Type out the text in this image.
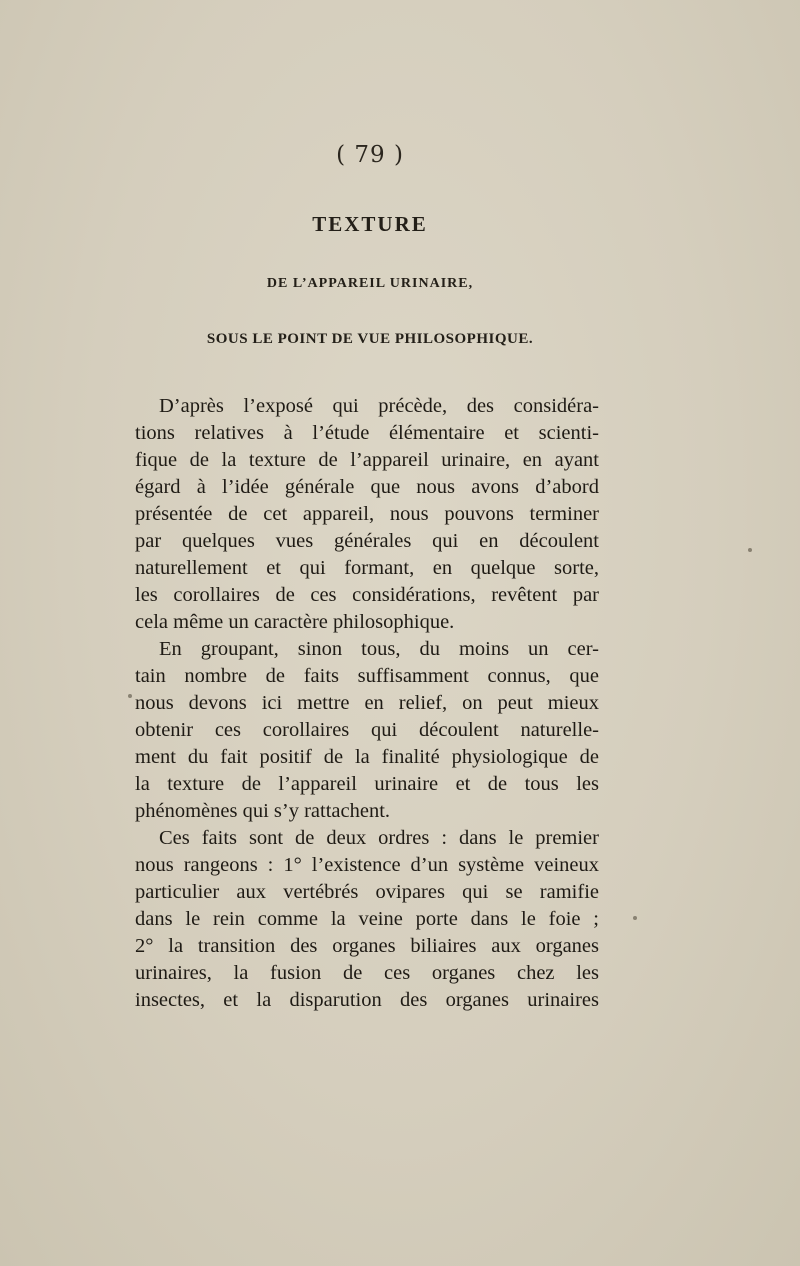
( 79 )
TEXTURE
DE L’APPAREIL URINAIRE,
SOUS LE POINT DE VUE PHILOSOPHIQUE.
D’après l’exposé qui précède, des considéra-
tions relatives à l’étude élémentaire et scienti-
fique de la texture de l’appareil urinaire, en ayant
égard à l’idée générale que nous avons d’abord
présentée de cet appareil, nous pouvons terminer
par quelques vues générales qui en découlent
naturellement et qui formant, en quelque sorte,
les corollaires de ces considérations, revêtent par
cela même un caractère philosophique.
En groupant, sinon tous, du moins un cer-
tain nombre de faits suffisamment connus, que
nous devons ici mettre en relief, on peut mieux
obtenir ces corollaires qui découlent naturelle-
ment du fait positif de la finalité physiologique de
la texture de l’appareil urinaire et de tous les
phénomènes qui s’y rattachent.
Ces faits sont de deux ordres : dans le premier
nous rangeons : 1° l’existence d’un système veineux
particulier aux vertébrés ovipares qui se ramifie
dans le rein comme la veine porte dans le foie ;
2° la transition des organes biliaires aux organes
urinaires, la fusion de ces organes chez les
insectes, et la disparution des organes urinaires
